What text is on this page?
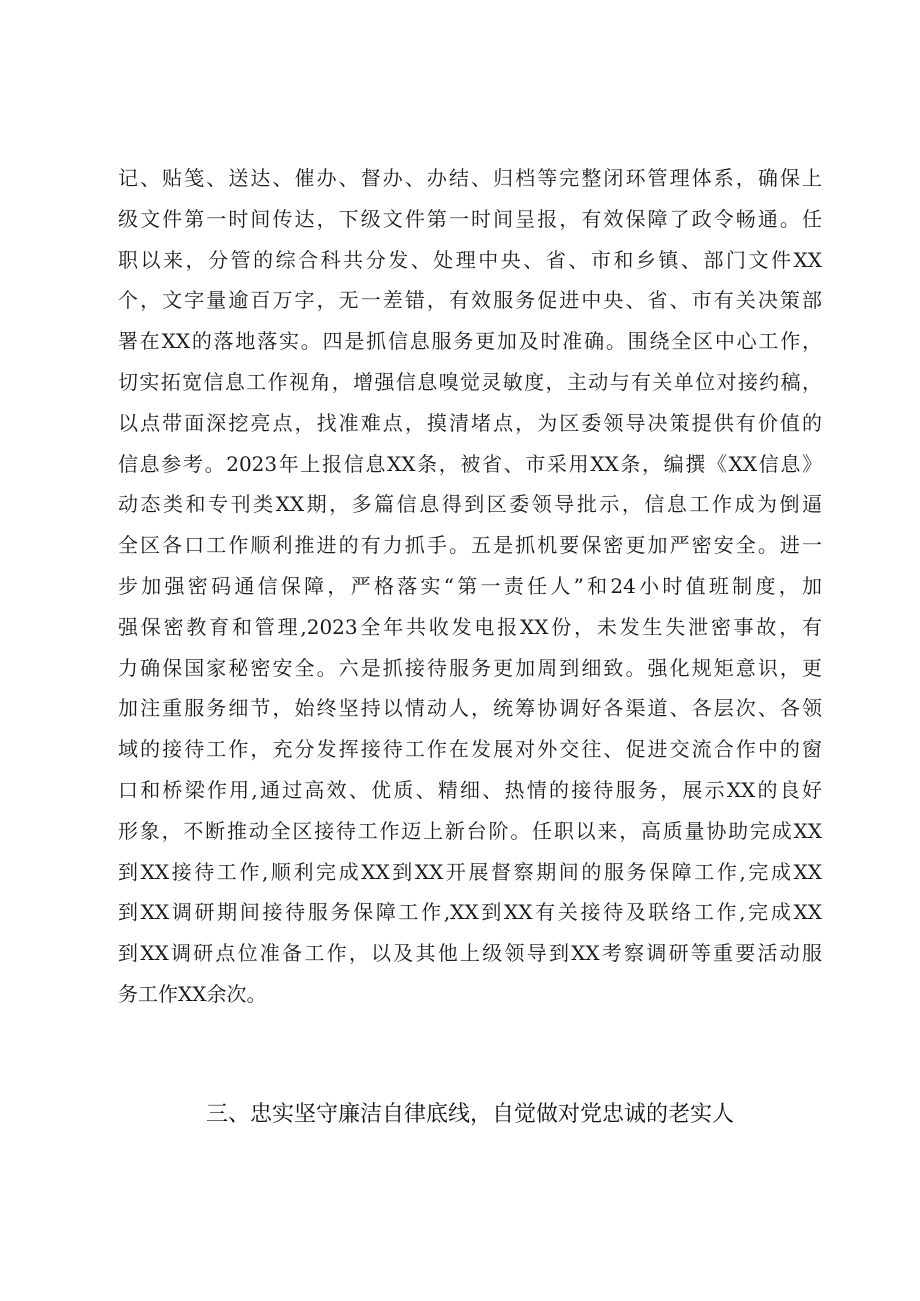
记、贴笺、送达、催办、督办、办结、归档等完整闭环管理体系，确保上
级文件第一时间传达，下级文件第一时间呈报，有效保障了政令畅通。任
职以来，分管的综合科共分发、处理中央、省、市和乡镇、部门文件XX
个，文字量逾百万字，无一差错，有效服务促进中央、省、市有关决策部
署在XX的落地落实。四是抓信息服务更加及时准确。围绕全区中心工作，
切实拓宽信息工作视角，增强信息嗅觉灵敏度，主动与有关单位对接约稿，
以点带面深挖亮点，找准难点，摸清堵点，为区委领导决策提供有价值的
信息参考。2023年上报信息XX条，被省、市采用XX条，编撰《XX信息》
动态类和专刊类XX期，多篇信息得到区委领导批示，信息工作成为倒逼
全区各口工作顺利推进的有力抓手。五是抓机要保密更加严密安全。进一
步加强密码通信保障，严格落实“第一责任人”和24小时值班制度，加
强保密教育和管理,2023全年共收发电报XX份，未发生失泄密事故，有
力确保国家秘密安全。六是抓接待服务更加周到细致。强化规矩意识，更
加注重服务细节，始终坚持以情动人，统筹协调好各渠道、各层次、各领
域的接待工作，充分发挥接待工作在发展对外交往、促进交流合作中的窗
口和桥梁作用,通过高效、优质、精细、热情的接待服务，展示XX的良好
形象，不断推动全区接待工作迈上新台阶。任职以来，高质量协助完成XX
到XX接待工作,顺利完成XX到XX开展督察期间的服务保障工作,完成XX
到XX调研期间接待服务保障工作,XX到XX有关接待及联络工作,完成XX
到XX调研点位准备工作，以及其他上级领导到XX考察调研等重要活动服
务工作XX余次。
三、忠实坚守廉洁自律底线，自觉做对党忠诚的老实人
